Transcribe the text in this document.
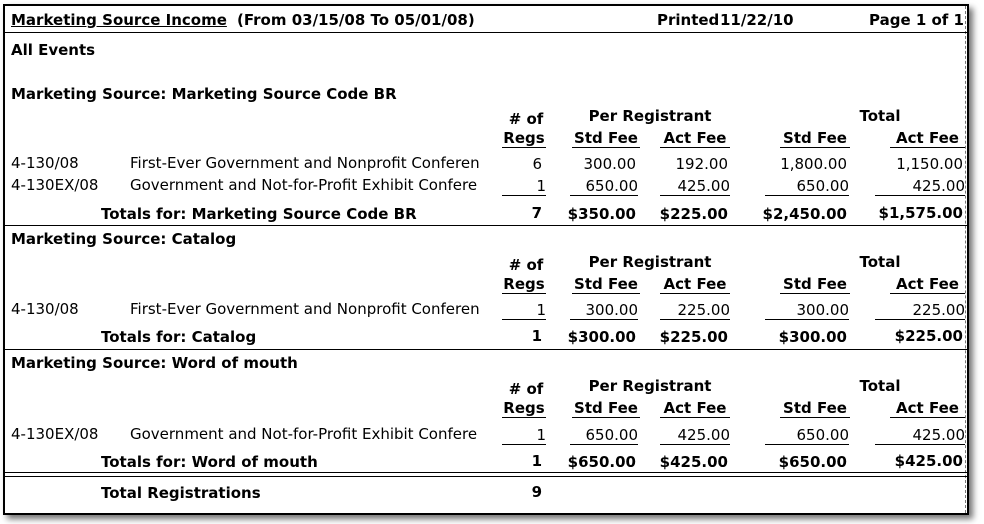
Marketing Source Income (From 03/15/08 To 05/01/08)	Printed 11/22/10	Page 1 of 1
All Events
Marketing Source: Marketing Source Code BR
# of	Per Registrant	Total
Regs Std Fee Act Fee	Std Fee	Act Fee
4-130/08	First-Ever Government and Nonprofit Conferen	6	300.00	192.00	1,800.00	1,150.00
4-130EX/08 Government and Not-for-Profit Exhibit Confere	1	650.00	425.00	650.00	425.00
Totals for: Marketing Source Code BR	7	$350.00	$225.00	$2,450.00	$1,575.00
Marketing Source: Catalog
# of	Per Registrant	Total
Regs Std Fee Act Fee	Std Fee	Act Fee
4-130/08	First-Ever Government and Nonprofit Conferen	1	300.00	225.00	300.00	225.00
Totals for: Catalog	1	$300.00	$225.00	$300.00	$225.00
Marketing Source: Word of mouth
# of	Per Registrant	Total
Regs Std Fee Act Fee	Std Fee	Act Fee
4-130EX/08 Government and Not-for-Profit Exhibit Confere	1	650.00	425.00	650.00	425.00
Totals for: Word of mouth	1	$650.00	$425.00	$650.00	$425.00
Total Registrations	9
